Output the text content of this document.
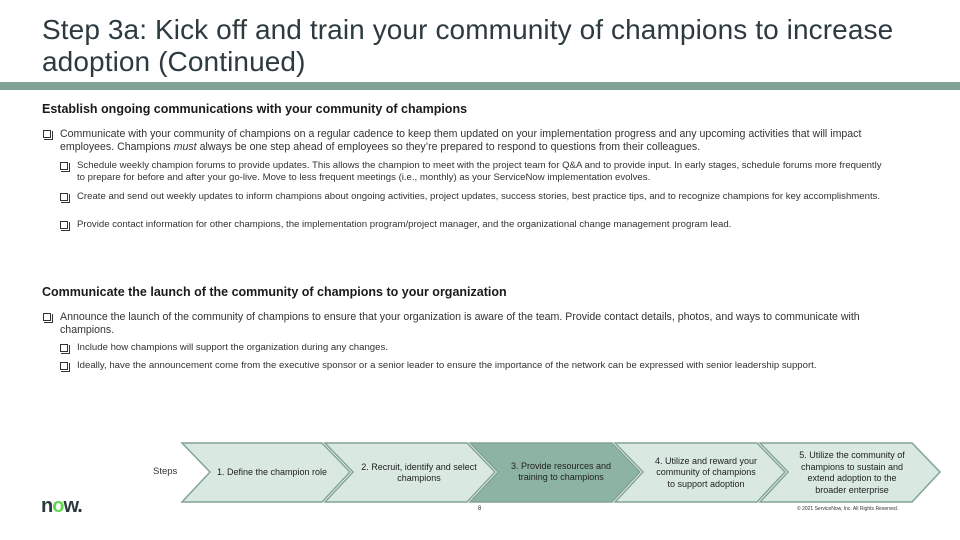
Step 3a: Kick off and train your community of champions to increase adoption (Continued)
Establish ongoing communications with your community of champions
Communicate with your community of champions on a regular cadence to keep them updated on your implementation progress and any upcoming activities that will impact employees. Champions must always be one step ahead of employees so they’re prepared to respond to questions from their colleagues.
Schedule weekly champion forums to provide updates. This allows the champion to meet with the project team for Q&A and to provide input. In early stages, schedule forums more frequently to prepare for before and after your go-live. Move to less frequent meetings (i.e., monthly) as your ServiceNow implementation evolves.
Create and send out weekly updates to inform champions about ongoing activities, project updates, success stories, best practice tips, and to recognize champions for key accomplishments.
Provide contact information for other champions, the implementation program/project manager, and the organizational change management program lead.
Communicate the launch of the community of champions to your organization
Announce the launch of the community of champions to ensure that your organization is aware of the team. Provide contact details, photos, and ways to communicate with champions.
Include how champions will support the organization during any changes.
Ideally, have the announcement come from the executive sponsor or a senior leader to ensure the importance of the network can be expressed with senior leadership support.
Steps	1. Define the champion role
2. Recruit, identify and select champions
3. Provide resources and training to champions
4. Utilize and reward your community of champions to support adoption
5. Utilize the community of champions to sustain and extend adoption to the broader enterprise
now.	8	© 2021 ServiceNow, Inc. All Rights Reserved.
